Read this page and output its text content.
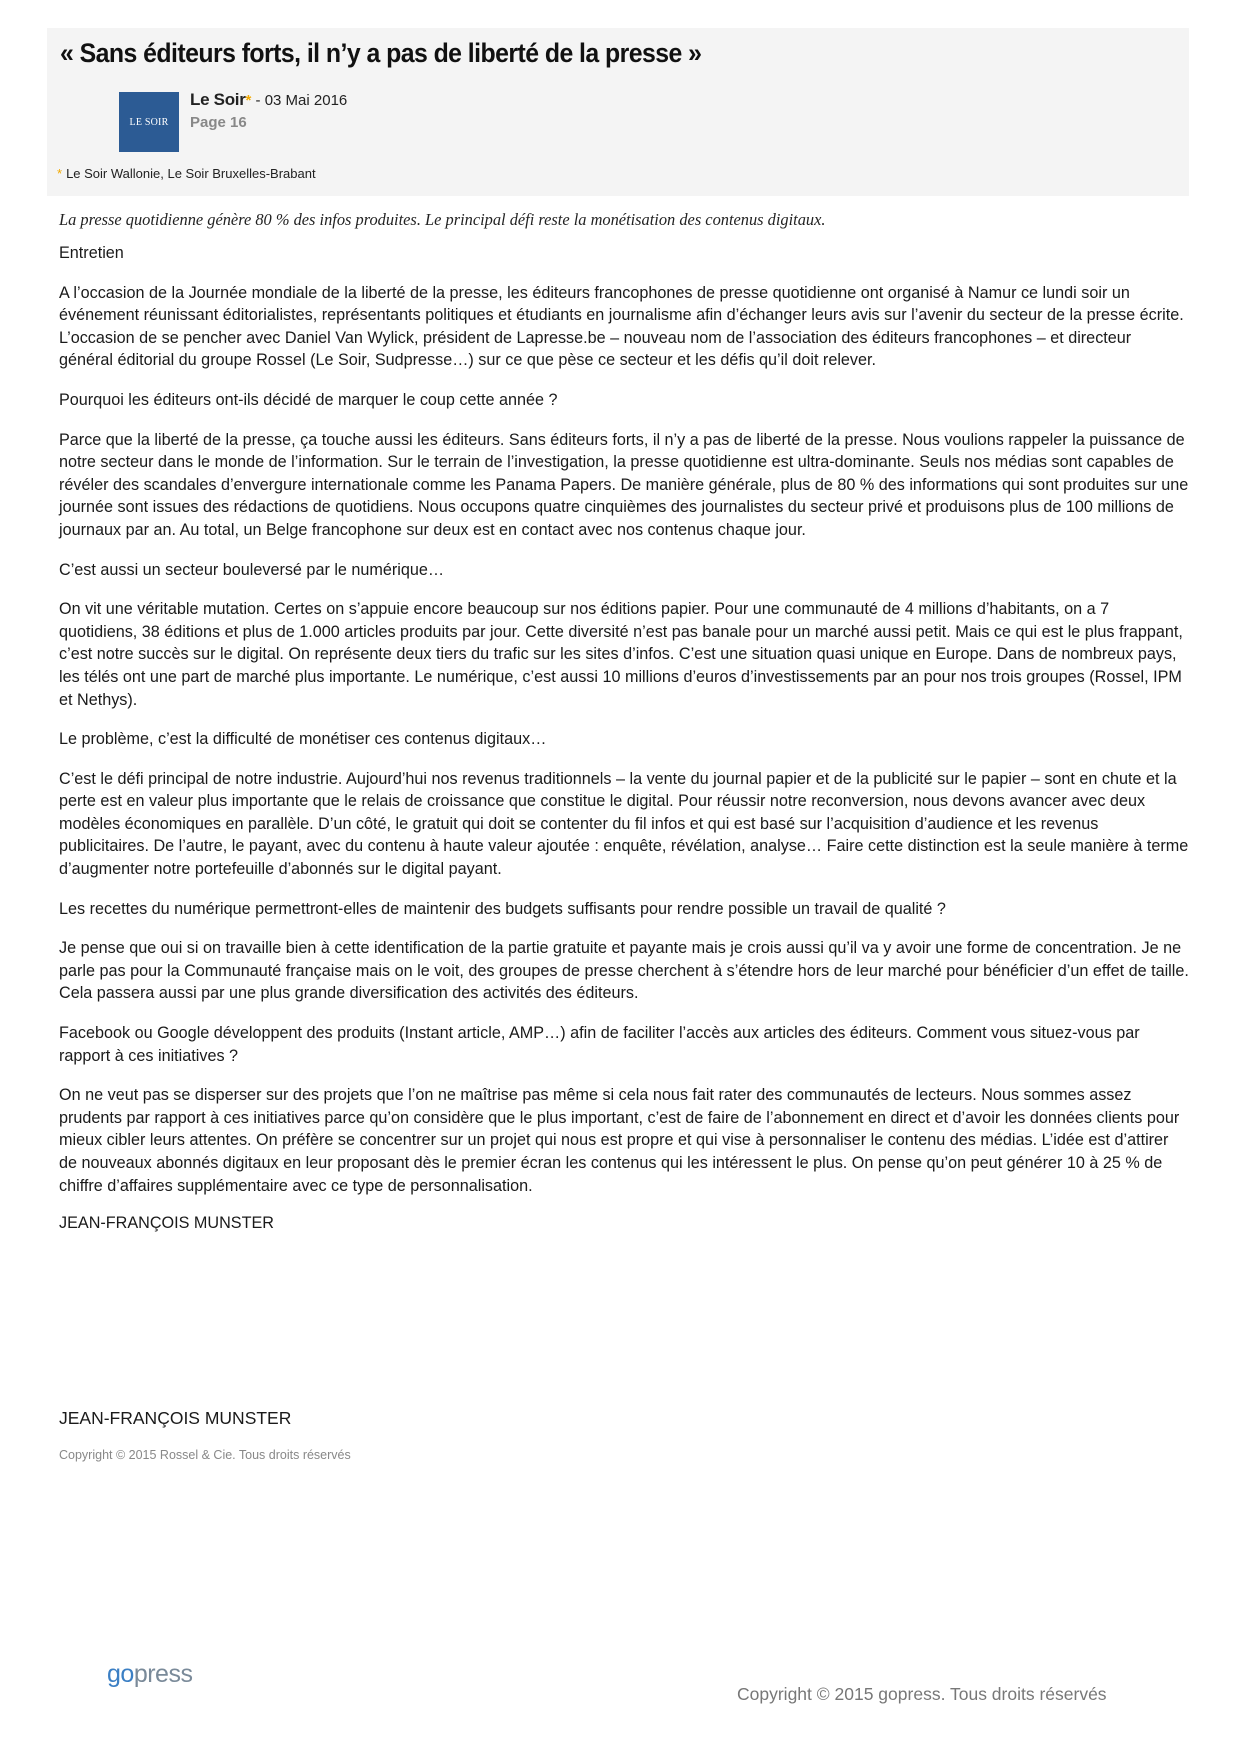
« Sans éditeurs forts, il n’y a pas de liberté de la presse »
LE SOIR
Le Soir* - 03 Mai 2016
Page 16
* Le Soir Wallonie, Le Soir Bruxelles-Brabant

La presse quotidienne génère 80 % des infos produites. Le principal défi reste la monétisation des contenus digitaux.

Entretien

A l’occasion de la Journée mondiale de la liberté de la presse, les éditeurs francophones de presse quotidienne ont organisé à Namur ce lundi soir un événement réunissant éditorialistes, représentants politiques et étudiants en journalisme afin d’échanger leurs avis sur l’avenir du secteur de la presse écrite. L’occasion de se pencher avec Daniel Van Wylick, président de Lapresse.be – nouveau nom de l’association des éditeurs francophones – et directeur général éditorial du groupe Rossel (Le Soir, Sudpresse…) sur ce que pèse ce secteur et les défis qu’il doit relever.

Pourquoi les éditeurs ont-ils décidé de marquer le coup cette année ?

Parce que la liberté de la presse, ça touche aussi les éditeurs. Sans éditeurs forts, il n’y a pas de liberté de la presse. Nous voulions rappeler la puissance de notre secteur dans le monde de l’information. Sur le terrain de l’investigation, la presse quotidienne est ultra-dominante. Seuls nos médias sont capables de révéler des scandales d’envergure internationale comme les Panama Papers. De manière générale, plus de 80 % des informations qui sont produites sur une journée sont issues des rédactions de quotidiens. Nous occupons quatre cinquièmes des journalistes du secteur privé et produisons plus de 100 millions de journaux par an. Au total, un Belge francophone sur deux est en contact avec nos contenus chaque jour.

C’est aussi un secteur bouleversé par le numérique…

On vit une véritable mutation. Certes on s’appuie encore beaucoup sur nos éditions papier. Pour une communauté de 4 millions d’habitants, on a 7 quotidiens, 38 éditions et plus de 1.000 articles produits par jour. Cette diversité n’est pas banale pour un marché aussi petit. Mais ce qui est le plus frappant, c’est notre succès sur le digital. On représente deux tiers du trafic sur les sites d’infos. C’est une situation quasi unique en Europe. Dans de nombreux pays, les télés ont une part de marché plus importante. Le numérique, c’est aussi 10 millions d’euros d’investissements par an pour nos trois groupes (Rossel, IPM et Nethys).

Le problème, c’est la difficulté de monétiser ces contenus digitaux…

C’est le défi principal de notre industrie. Aujourd’hui nos revenus traditionnels – la vente du journal papier et de la publicité sur le papier – sont en chute et la perte est en valeur plus importante que le relais de croissance que constitue le digital. Pour réussir notre reconversion, nous devons avancer avec deux modèles économiques en parallèle. D’un côté, le gratuit qui doit se contenter du fil infos et qui est basé sur l’acquisition d’audience et les revenus publicitaires. De l’autre, le payant, avec du contenu à haute valeur ajoutée : enquête, révélation, analyse… Faire cette distinction est la seule manière à terme d’augmenter notre portefeuille d’abonnés sur le digital payant.

Les recettes du numérique permettront-elles de maintenir des budgets suffisants pour rendre possible un travail de qualité ?

Je pense que oui si on travaille bien à cette identification de la partie gratuite et payante mais je crois aussi qu’il va y avoir une forme de concentration. Je ne parle pas pour la Communauté française mais on le voit, des groupes de presse cherchent à s’étendre hors de leur marché pour bénéficier d’un effet de taille. Cela passera aussi par une plus grande diversification des activités des éditeurs.

Facebook ou Google développent des produits (Instant article, AMP…) afin de faciliter l’accès aux articles des éditeurs. Comment vous situez-vous par rapport à ces initiatives ?

On ne veut pas se disperser sur des projets que l’on ne maîtrise pas même si cela nous fait rater des communautés de lecteurs. Nous sommes assez prudents par rapport à ces initiatives parce qu’on considère que le plus important, c’est de faire de l’abonnement en direct et d’avoir les données clients pour mieux cibler leurs attentes. On préfère se concentrer sur un projet qui nous est propre et qui vise à personnaliser le contenu des médias. L’idée est d’attirer de nouveaux abonnés digitaux en leur proposant dès le premier écran les contenus qui les intéressent le plus. On pense qu’on peut générer 10 à 25 % de chiffre d’affaires supplémentaire avec ce type de personnalisation.

JEAN-FRANÇOIS MUNSTER

JEAN-FRANÇOIS MUNSTER
Copyright © 2015 Rossel & Cie. Tous droits réservés
gopress
Copyright © 2015 gopress. Tous droits réservés
